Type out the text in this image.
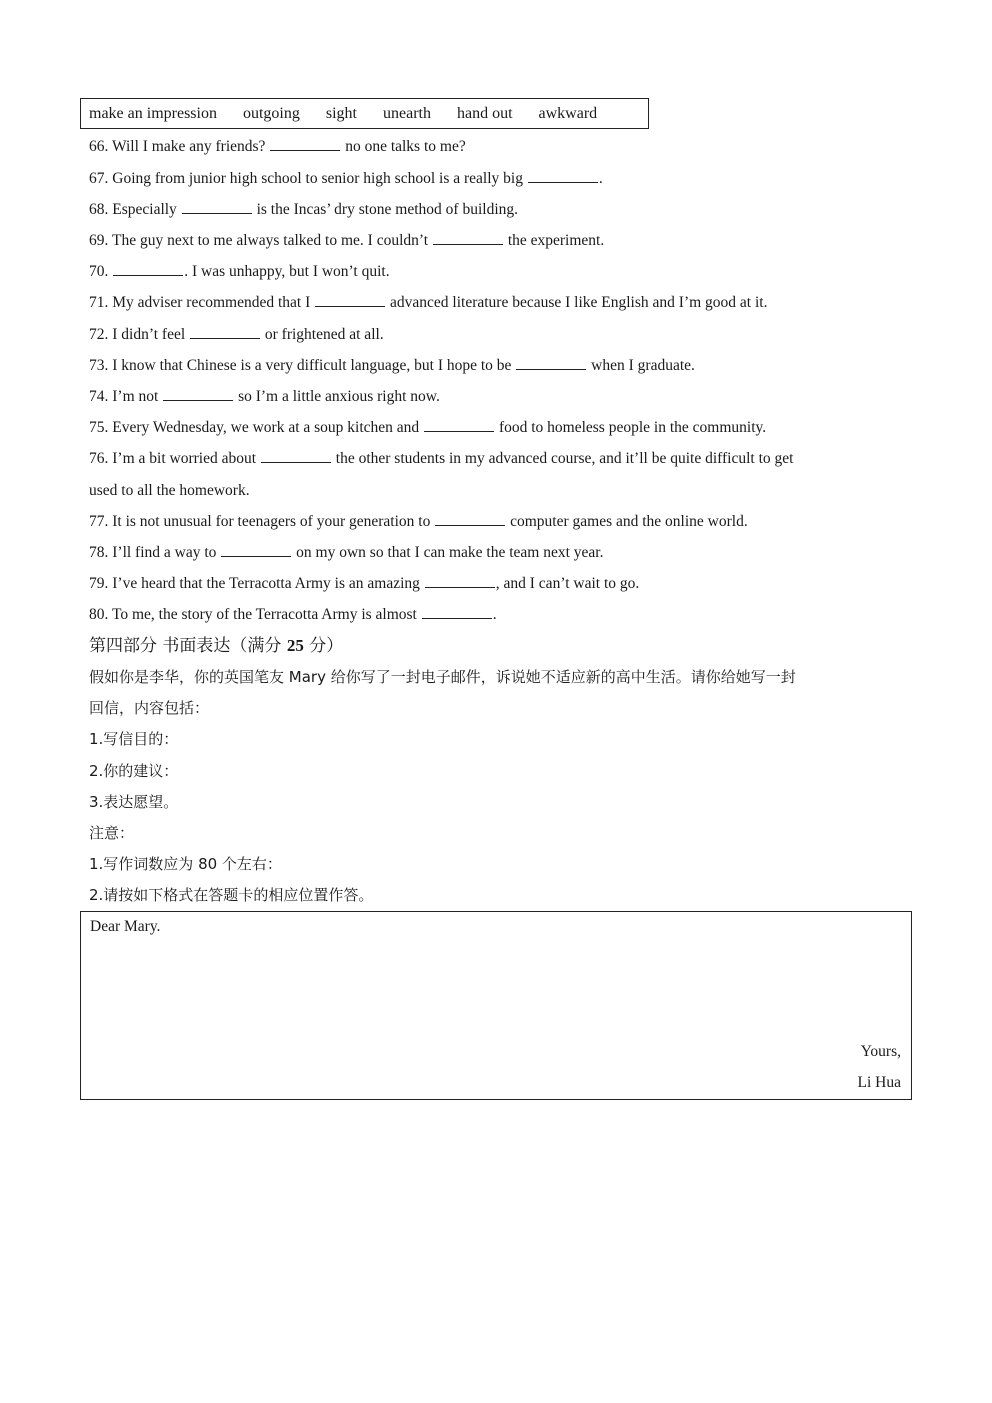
make an impression outgoing sight unearth hand out awkward
66. Will I make any friends?	no one talks to me?
67. Going from junior high school to senior high school is a really big	.
68. Especially	is the Incas’ dry stone method of building.
69. The guy next to me always talked to me. I couldn’t	the experiment.
70.	. I was unhappy, but I won’t quit.
71. My adviser recommended that I	advanced literature because I like English and I’m good at it.
72. I didn’t feel	or frightened at all.
73. I know that Chinese is a very difficult language, but I hope to be	when I graduate.
74. I’m not	so I’m a little anxious right now.
75. Every Wednesday, we work at a soup kitchen and	food to homeless people in the community.
76. I’m a bit worried about	the other students in my advanced course, and it’ll be quite difficult to get
used to all the homework.
77. It is not unusual for teenagers of your generation to	computer games and the online world.
78. I’ll find a way to	on my own so that I can make the team next year.
79. I’ve heard that the Terracotta Army is an amazing	, and I can’t wait to go.
80. To me, the story of the Terracotta Army is almost	.
第四部分 书面表达（满分 25 分）
假如你是李华，你的英国笔友 Mary 给你写了一封电子邮件，诉说她不适应新的高中生活。请你给她写一封
回信，内容包括：
1.写信目的：
2.你的建议：
3.表达愿望。
注意：
1.写作词数应为 80 个左右：
2.请按如下格式在答题卡的相应位置作答。
Dear Mary.
Yours,
Li Hua
